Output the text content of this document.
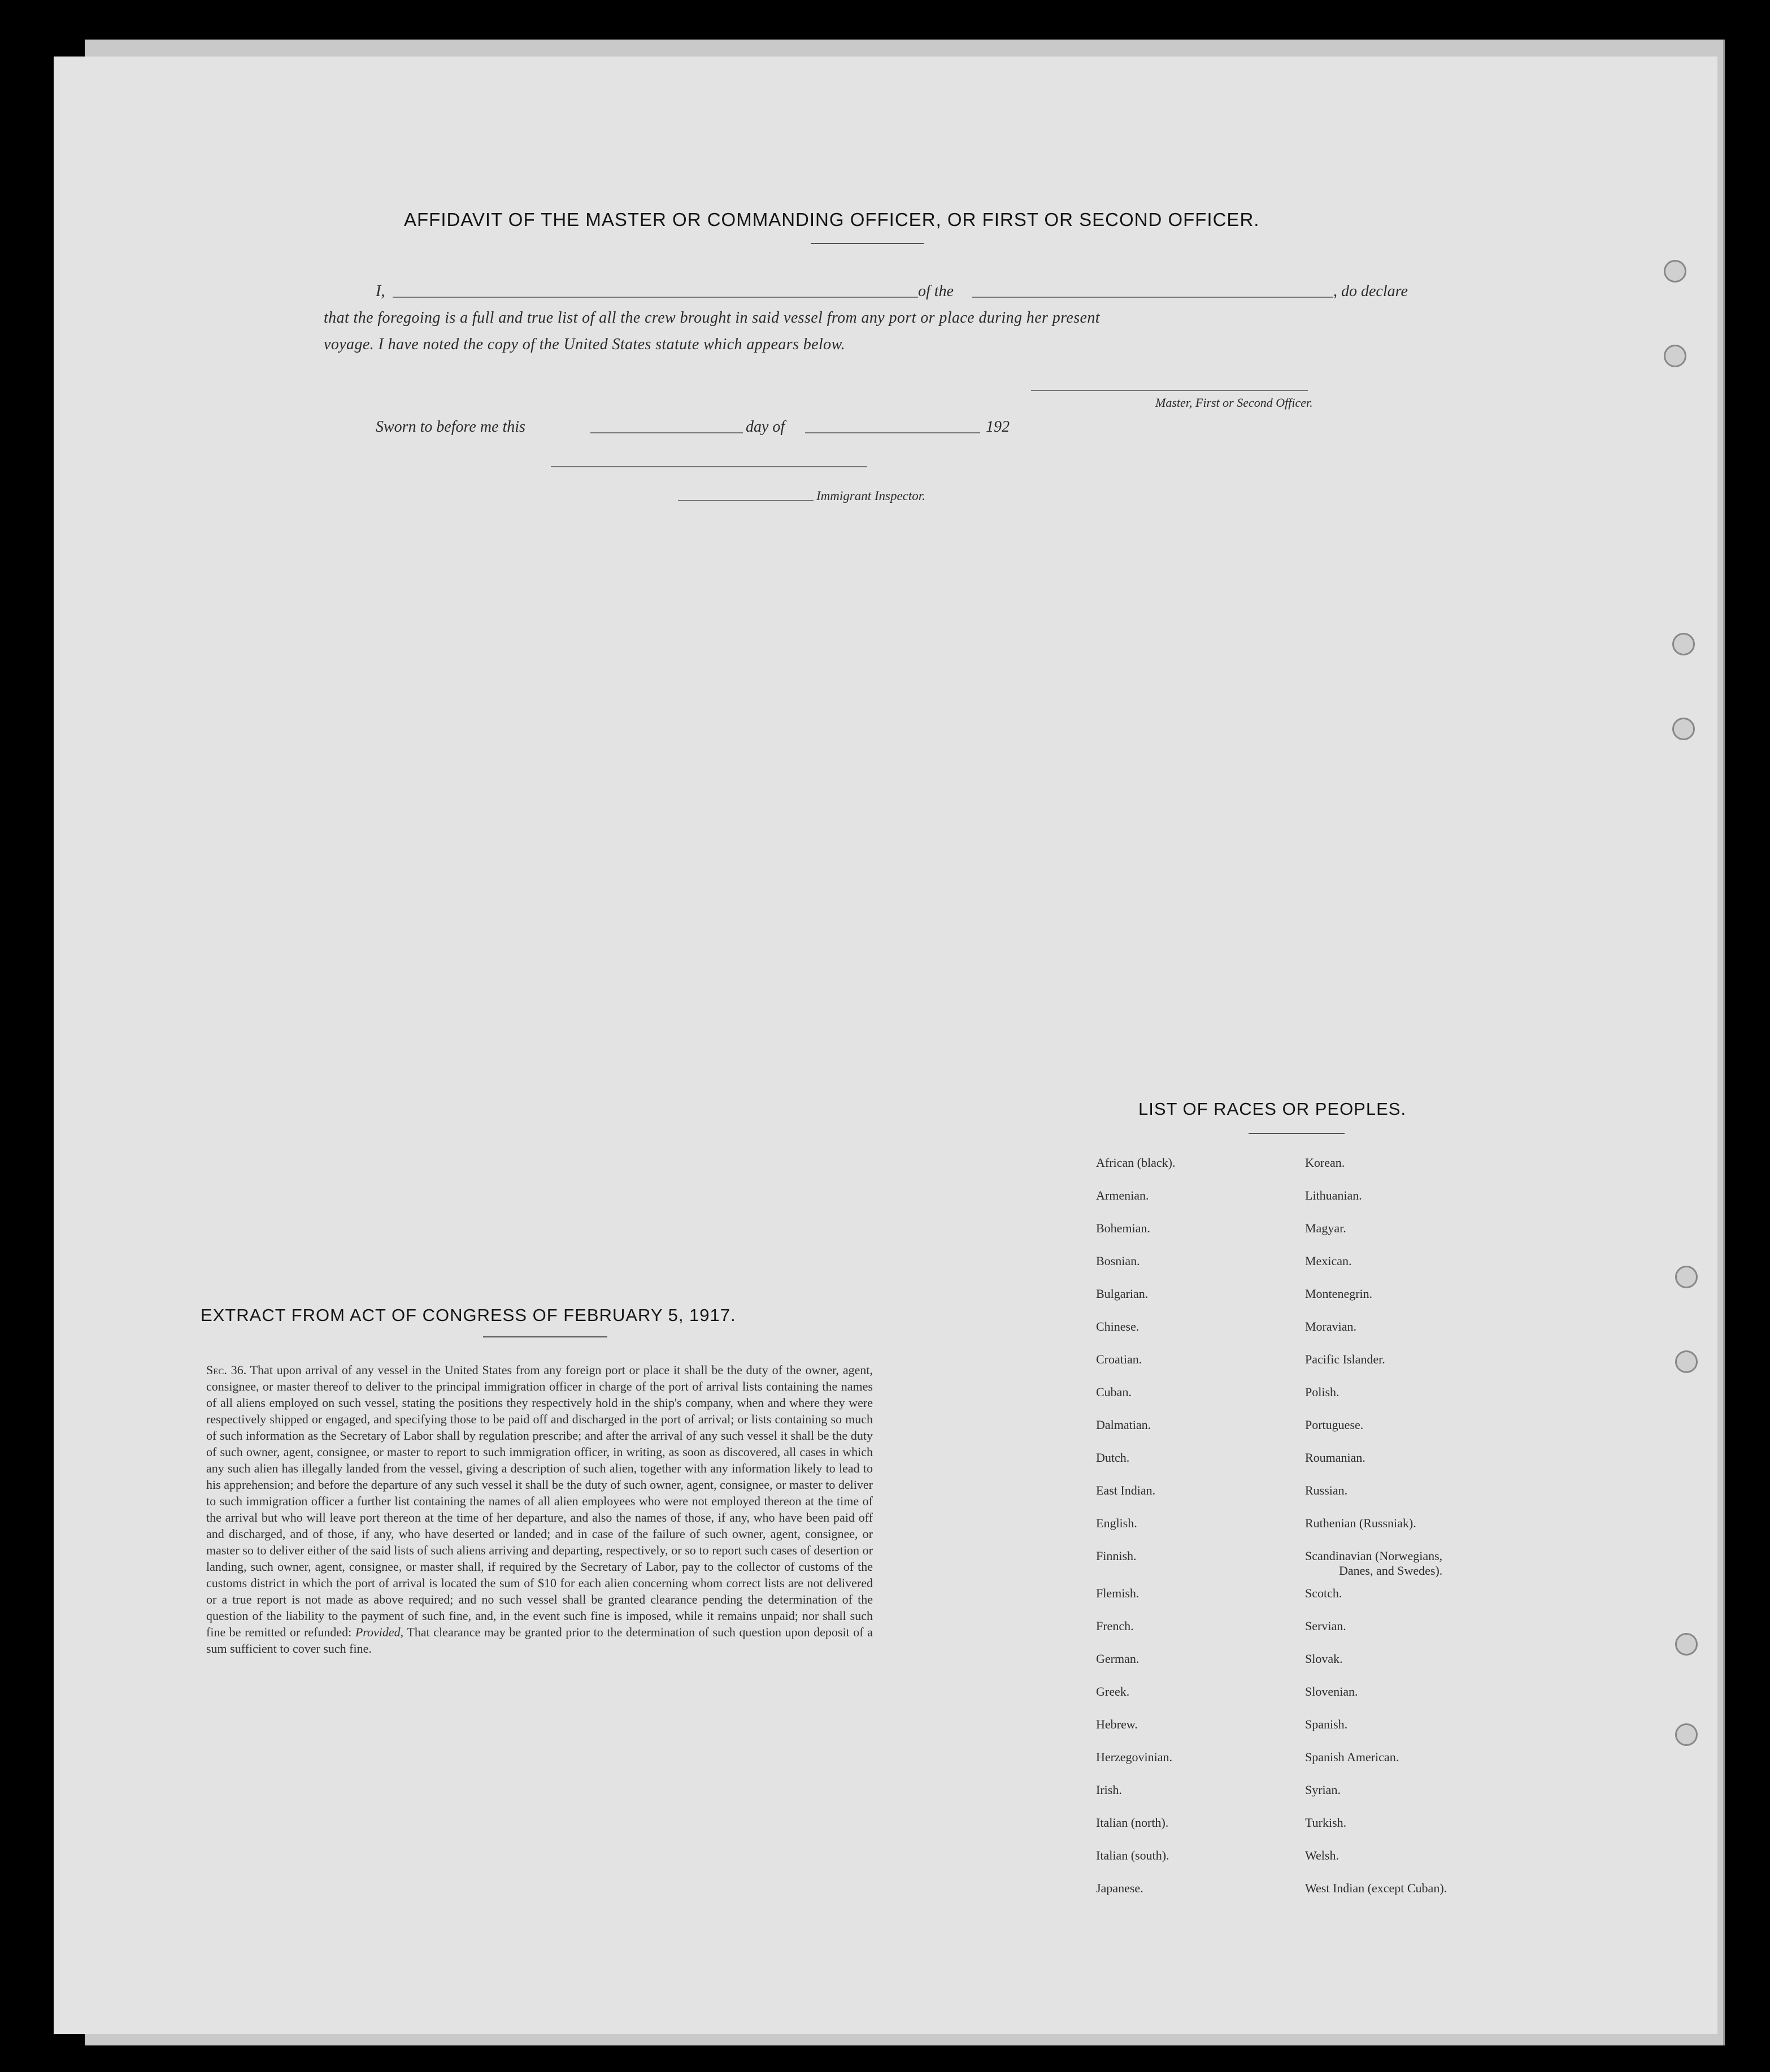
AFFIDAVIT OF THE MASTER OR COMMANDING OFFICER, OR FIRST OR SECOND OFFICER.
I,	of the	, do declare
that the foregoing is a full and true list of all the crew brought in said vessel from any port or place during her present
voyage. I have noted the copy of the United States statute which appears below.
Master, First or Second Officer.
Sworn to before me this	day of	192
Immigrant Inspector.
EXTRACT FROM ACT OF CONGRESS OF FEBRUARY 5, 1917.
Sec. 36. That upon arrival of any vessel in the United States from any foreign port or place it shall be the duty of the owner, agent, consignee, or master thereof to deliver to the principal immigration officer in charge of the port of arrival lists containing the names of all aliens employed on such vessel, stating the positions they respectively hold in the ship's company, when and where they were respectively shipped or engaged, and specifying those to be paid off and discharged in the port of arrival; or lists containing so much of such information as the Secretary of Labor shall by regulation prescribe; and after the arrival of any such vessel it shall be the duty of such owner, agent, consignee, or master to report to such immigration officer, in writing, as soon as discovered, all cases in which any such alien has illegally landed from the vessel, giving a description of such alien, together with any information likely to lead to his apprehension; and before the departure of any such vessel it shall be the duty of such owner, agent, consignee, or master to deliver to such immigration officer a further list containing the names of all alien employees who were not employed thereon at the time of the arrival but who will leave port thereon at the time of her departure, and also the names of those, if any, who have been paid off and discharged, and of those, if any, who have deserted or landed; and in case of the failure of such owner, agent, consignee, or master so to deliver either of the said lists of such aliens arriving and departing, respectively, or so to report such cases of desertion or landing, such owner, agent, consignee, or master shall, if required by the Secretary of Labor, pay to the collector of customs of the customs district in which the port of arrival is located the sum of $10 for each alien concerning whom correct lists are not delivered or a true report is not made as above required; and no such vessel shall be granted clearance pending the determination of the question of the liability to the payment of such fine, and, in the event such fine is imposed, while it remains unpaid; nor shall such fine be remitted or refunded: Provided, That clearance may be granted prior to the determination of such question upon deposit of a sum sufficient to cover such fine.
LIST OF RACES OR PEOPLES.
African (black).
Armenian.
Bohemian.
Bosnian.
Bulgarian.
Chinese.
Croatian.
Cuban.
Dalmatian.
Dutch.
East Indian.
English.
Finnish.
Flemish.
French.
German.
Greek.
Hebrew.
Herzegovinian.
Irish.
Italian (north).
Italian (south).
Japanese.
Korean.
Lithuanian.
Magyar.
Mexican.
Montenegrin.
Moravian.
Pacific Islander.
Polish.
Portuguese.
Roumanian.
Russian.
Ruthenian (Russniak).
Scandinavian (Norwegians,
Danes, and Swedes).
Scotch.
Servian.
Slovak.
Slovenian.
Spanish.
Spanish American.
Syrian.
Turkish.
Welsh.
West Indian (except Cuban).
